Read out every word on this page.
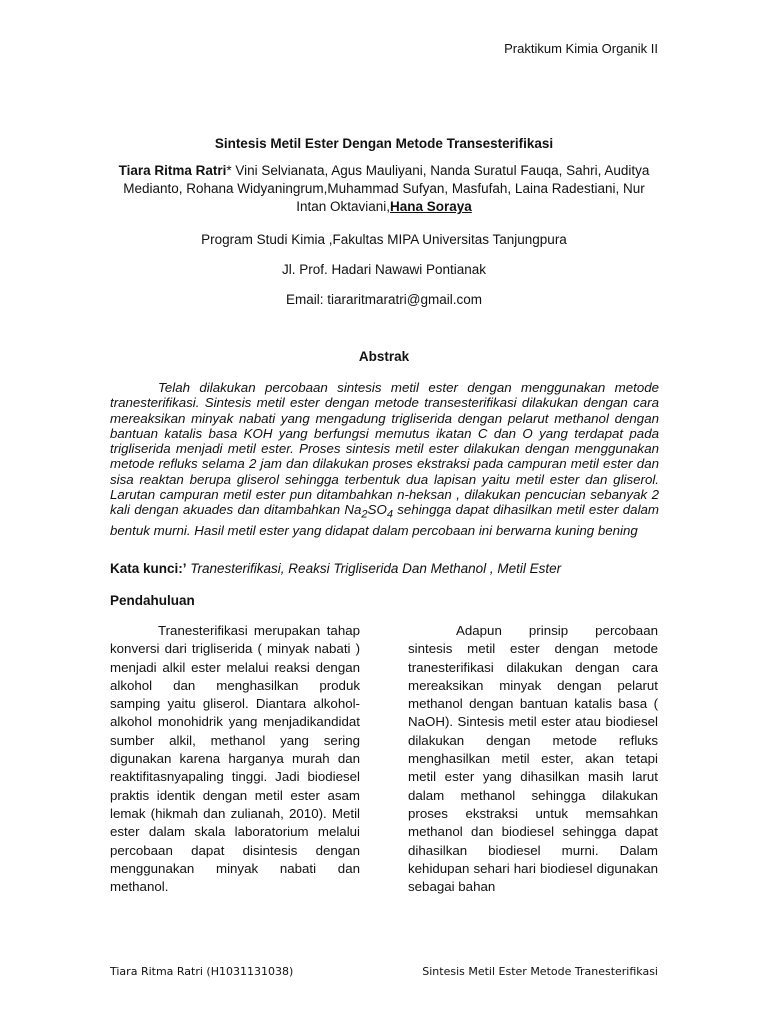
Praktikum Kimia Organik II
Sintesis Metil Ester Dengan Metode Transesterifikasi
Tiara Ritma Ratri* Vini Selvianata, Agus Mauliyani, Nanda Suratul Fauqa, Sahri, Auditya Medianto, Rohana Widyaningrum,Muhammad Sufyan, Masfufah, Laina Radestiani, Nur Intan Oktaviani,Hana Soraya
Program Studi Kimia ,Fakultas MIPA Universitas Tanjungpura
Jl. Prof. Hadari Nawawi Pontianak
Email: tiararitmaratri@gmail.com
Abstrak
Telah dilakukan percobaan sintesis metil ester dengan menggunakan metode tranesterifikasi. Sintesis metil ester dengan metode transesterifikasi dilakukan dengan cara mereaksikan minyak nabati yang mengadung trigliserida dengan pelarut methanol dengan bantuan katalis basa KOH yang berfungsi memutus ikatan C dan O yang terdapat pada trigliserida menjadi metil ester. Proses sintesis metil ester dilakukan dengan menggunakan metode refluks selama 2 jam dan dilakukan proses ekstraksi pada campuran metil ester dan sisa reaktan berupa gliserol sehingga terbentuk dua lapisan yaitu metil ester dan gliserol. Larutan campuran metil ester pun ditambahkan n-heksan , dilakukan pencucian sebanyak 2 kali dengan akuades dan ditambahkan $Na_2SO_4$ sehingga dapat dihasilkan metil ester dalam bentuk murni. Hasil metil ester yang didapat dalam percobaan ini berwarna kuning bening
Kata kunci:’ Tranesterifikasi, Reaksi Trigliserida Dan Methanol , Metil Ester
Pendahuluan
Tranesterifikasi merupakan tahap konversi dari trigliserida ( minyak nabati ) menjadi alkil ester melalui reaksi dengan alkohol dan menghasilkan produk samping yaitu gliserol. Diantara alkohol-alkohol monohidrik yang menjadikandidat sumber alkil, methanol yang sering digunakan karena harganya murah dan reaktifitasnyapaling tinggi. Jadi biodiesel praktis identik dengan metil ester asam lemak (hikmah dan zulianah, 2010). Metil ester dalam skala laboratorium melalui percobaan dapat disintesis dengan menggunakan minyak nabati dan methanol.
Adapun prinsip percobaan sintesis metil ester dengan metode tranesterifikasi dilakukan dengan cara mereaksikan minyak dengan pelarut methanol dengan bantuan katalis basa ( NaOH). Sintesis metil ester atau biodiesel dilakukan dengan metode refluks menghasilkan metil ester, akan tetapi metil ester yang dihasilkan masih larut dalam methanol sehingga dilakukan proses ekstraksi untuk memsahkan methanol dan biodiesel sehingga dapat dihasilkan biodiesel murni. Dalam kehidupan sehari hari biodiesel digunakan sebagai bahan
Tiara Ritma Ratri (H1031131038)	Sintesis Metil Ester Metode Tranesterifikasi
